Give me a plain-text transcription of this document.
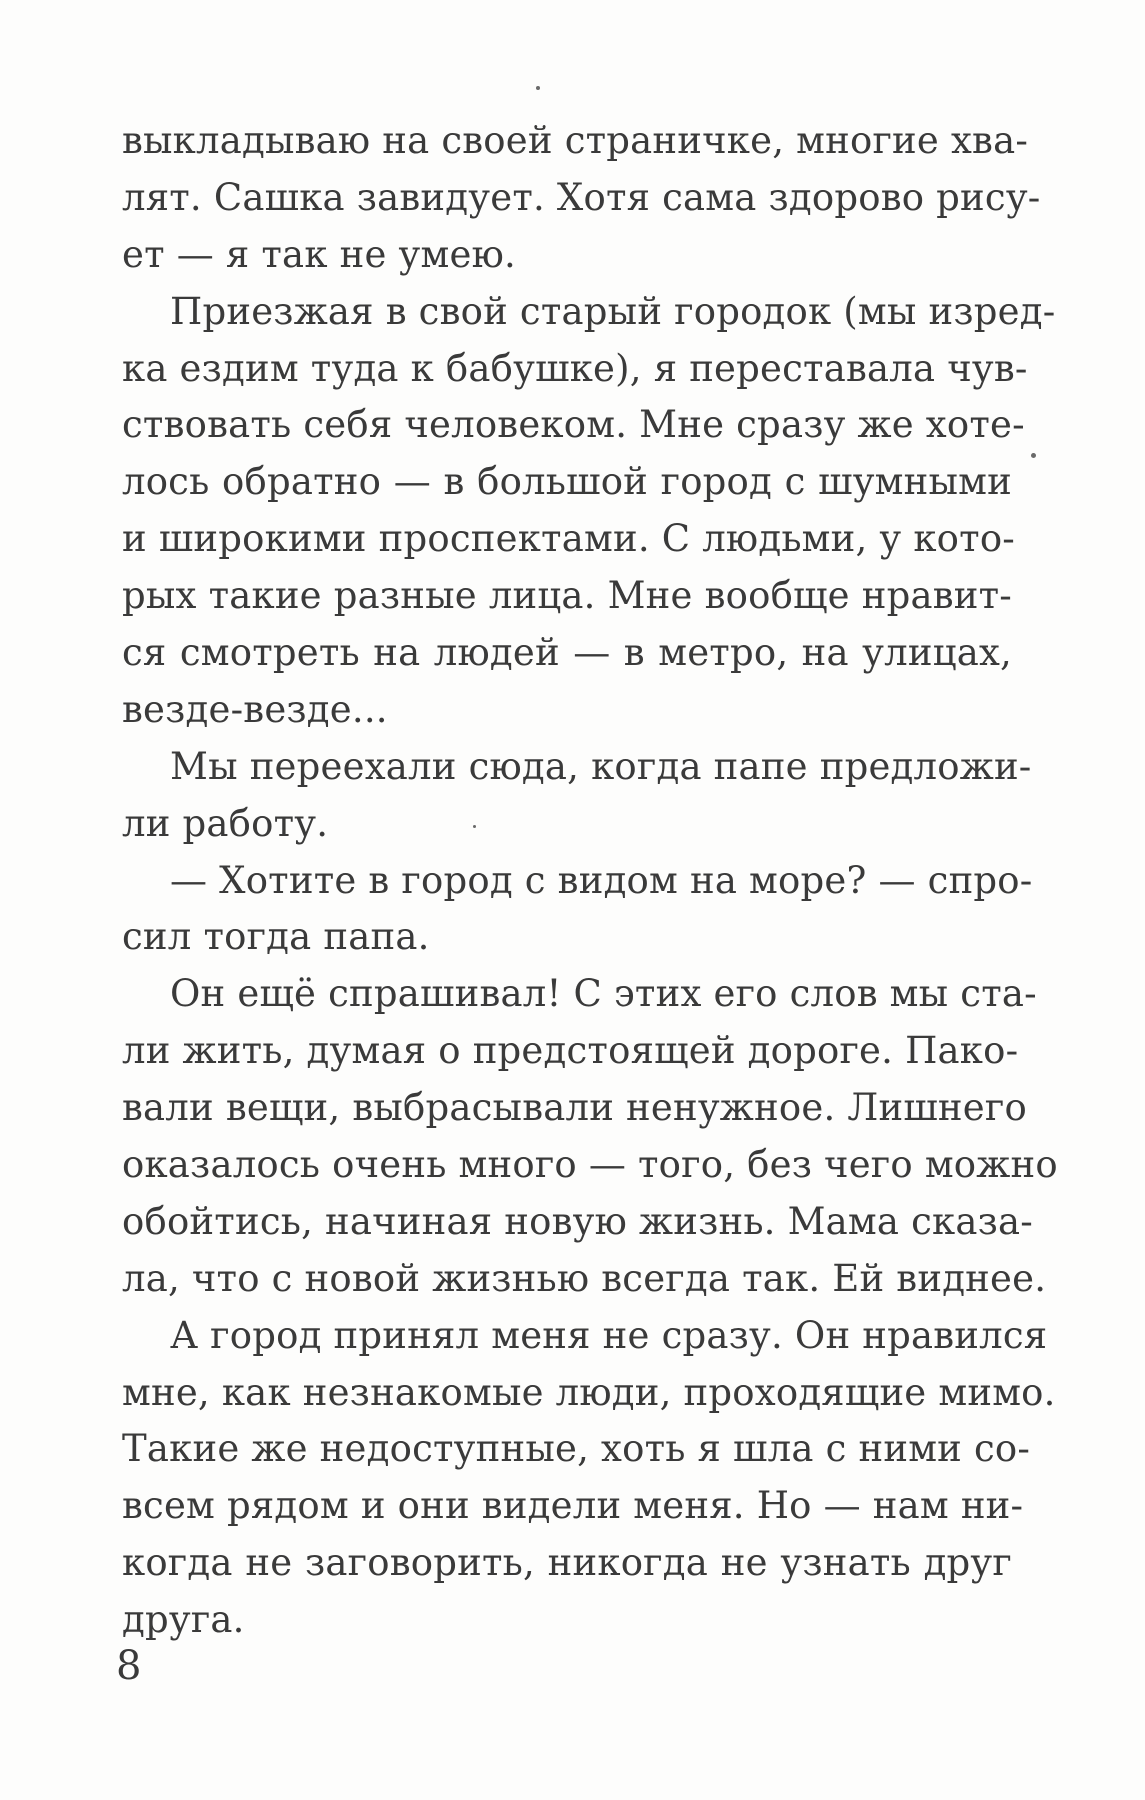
выкладываю на своей страничке, многие хва-
лят. Сашка завидует. Хотя сама здорово рису-
ет — я так не умею.
Приезжая в свой старый городок (мы изред-
ка ездим туда к бабушке), я переставала чув-
ствовать себя человеком. Мне сразу же хоте-
лось обратно — в большой город с шумными
и широкими проспектами. С людьми, у кото-
рых такие разные лица. Мне вообще нравит-
ся смотреть на людей — в метро, на улицах,
везде-везде...
Мы переехали сюда, когда папе предложи-
ли работу.
— Хотите в город с видом на море? — спро-
сил тогда папа.
Он ещё спрашивал! С этих его слов мы ста-
ли жить, думая о предстоящей дороге. Пако-
вали вещи, выбрасывали ненужное. Лишнего
оказалось очень много — того, без чего можно
обойтись, начиная новую жизнь. Мама сказа-
ла, что с новой жизнью всегда так. Ей виднее.
А город принял меня не сразу. Он нравился
мне, как незнакомые люди, проходящие мимо.
Такие же недоступные, хоть я шла с ними со-
всем рядом и они видели меня. Но — нам ни-
когда не заговорить, никогда не узнать друг
друга.
8
